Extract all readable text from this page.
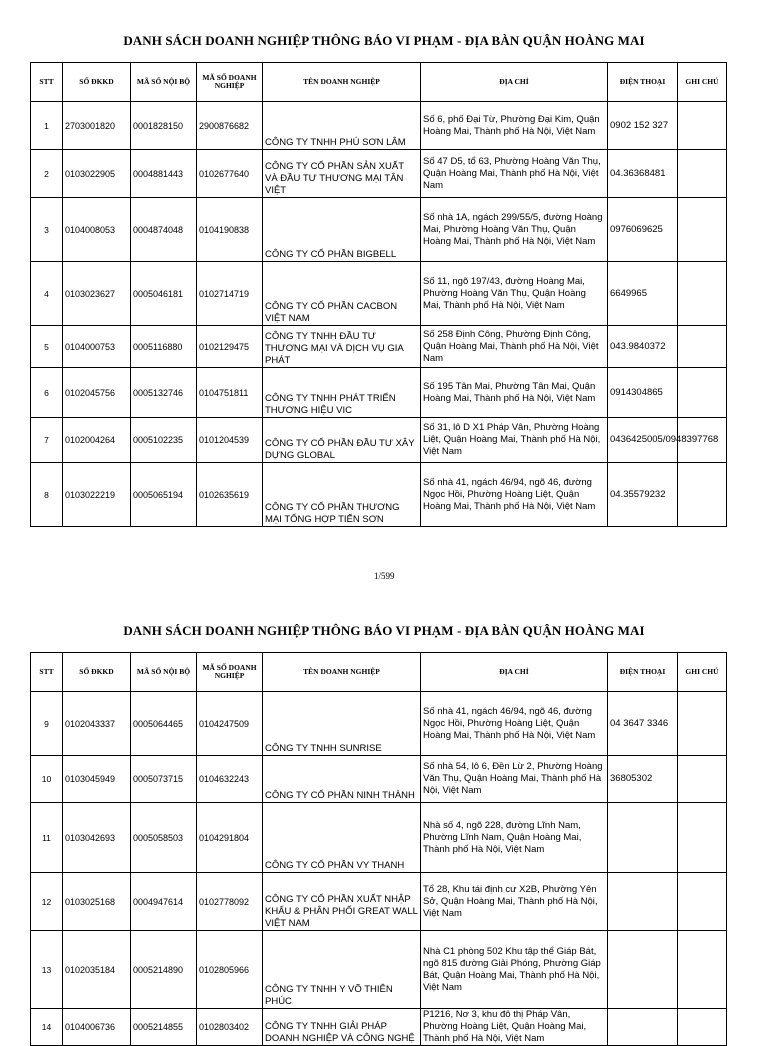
DANH SÁCH DOANH NGHIỆP THÔNG BÁO VI PHẠM - ĐỊA BÀN QUẬN HOÀNG MAI
STT	SỐ ĐKKD	MÃ SỐ NỘI BỘ	MÃ SỐ DOANH NGHIỆP	TÊN DOANH NGHIỆP	ĐỊA CHỈ	ĐIỆN THOẠI	GHI CHÚ
1	2703001820	0001828150	2900876682	CÔNG TY TNHH PHÚ SƠN LÂM	Số 6, phố Đại Từ, Phường Đại Kim, Quận Hoàng Mai, Thành phố Hà Nội, Việt Nam	0902 152 327	
2	0103022905	0004881443	0102677640	CÔNG TY CỔ PHẦN SẢN XUẤT VÀ ĐẦU TƯ THƯƠNG MẠI TÂN VIỆT	Số 47 D5, tổ 63, Phường Hoàng Văn Thụ, Quận Hoàng Mai, Thành phố Hà Nội, Việt Nam	04.36368481	
3	0104008053	0004874048	0104190838	CÔNG TY CỔ PHẦN BIGBELL	Số nhà 1A, ngách 299/55/5, đường Hoàng Mai, Phường Hoàng Văn Thụ, Quận Hoàng Mai, Thành phố Hà Nội, Việt Nam	0976069625	
4	0103023627	0005046181	0102714719	CÔNG TY CỔ PHẦN CACBON VIỆT NAM	Số 11, ngõ 197/43, đường Hoàng Mai, Phường Hoàng Văn Thụ, Quận Hoàng Mai, Thành phố Hà Nội, Việt Nam	6649965	
5	0104000753	0005116880	0102129475	CÔNG TY TNHH ĐẦU TƯ THƯƠNG MẠI VÀ DỊCH VỤ GIA PHÁT	Số 258 Định Công, Phường Định Công, Quận Hoàng Mai, Thành phố Hà Nội, Việt Nam	043.9840372	
6	0102045756	0005132746	0104751811	CÔNG TY TNHH PHÁT TRIỂN THƯƠNG HIỆU VIC	Số 195 Tân Mai, Phường Tân Mai, Quận Hoàng Mai, Thành phố Hà Nội, Việt Nam	0914304865	
7	0102004264	0005102235	0101204539	CÔNG TY CỔ PHẦN ĐẦU TƯ XÂY DỰNG GLOBAL	Số 31, lô D X1 Pháp Vân, Phường Hoàng Liệt, Quận Hoàng Mai, Thành phố Hà Nội, Việt Nam	0436425005/0948397768	
8	0103022219	0005065194	0102635619	CÔNG TY CỔ PHẦN THƯƠNG MẠI TỔNG HỢP TIẾN SƠN	Số nhà 41, ngách 46/94, ngõ 46, đường Ngọc Hồi, Phường Hoàng Liệt, Quận Hoàng Mai, Thành phố Hà Nội, Việt Nam	04.35579232	
1/599
DANH SÁCH DOANH NGHIỆP THÔNG BÁO VI PHẠM - ĐỊA BÀN QUẬN HOÀNG MAI
STT	SỐ ĐKKD	MÃ SỐ NỘI BỘ	MÃ SỐ DOANH NGHIỆP	TÊN DOANH NGHIỆP	ĐỊA CHỈ	ĐIỆN THOẠI	GHI CHÚ
9	0102043337	0005064465	0104247509	CÔNG TY TNHH SUNRISE	Số nhà 41, ngách 46/94, ngõ 46, đường Ngọc Hồi, Phường Hoàng Liệt, Quận Hoàng Mai, Thành phố Hà Nội, Việt Nam	04 3647 3346	
10	0103045949	0005073715	0104632243	CÔNG TY CỔ PHẦN NINH THÀNH	Số nhà 54, lô 6, Đền Lừ 2, Phường Hoàng Văn Thụ, Quận Hoàng Mai, Thành phố Hà Nội, Việt Nam	36805302	
11	0103042693	0005058503	0104291804	CÔNG TY CỔ PHẦN VY THANH	Nhà số 4, ngõ 228, đường Lĩnh Nam, Phường Lĩnh Nam, Quận Hoàng Mai, Thành phố Hà Nội, Việt Nam		
12	0103025168	0004947614	0102778092	CÔNG TY CỔ PHẦN XUẤT NHẬP KHẨU & PHÂN PHỐI GREAT WALL VIỆT NAM	Tổ 28, Khu tái định cư X2B, Phường Yên Sở, Quận Hoàng Mai, Thành phố Hà Nội, Việt Nam		
13	0102035184	0005214890	0102805966	CÔNG TY TNHH Y VÕ THIÊN PHÚC	Nhà C1 phòng 502 Khu tập thể Giáp Bát, ngõ 815 đường Giải Phóng, Phường Giáp Bát, Quận Hoàng Mai, Thành phố Hà Nội, Việt Nam		
14	0104006736	0005214855	0102803402	CÔNG TY TNHH GIẢI PHÁP DOANH NGHIỆP VÀ CÔNG NGHỆ	P1216, Nơ 3, khu đô thị Pháp Vân, Phường Hoàng Liệt, Quận Hoàng Mai, Thành phố Hà Nội, Việt Nam		
